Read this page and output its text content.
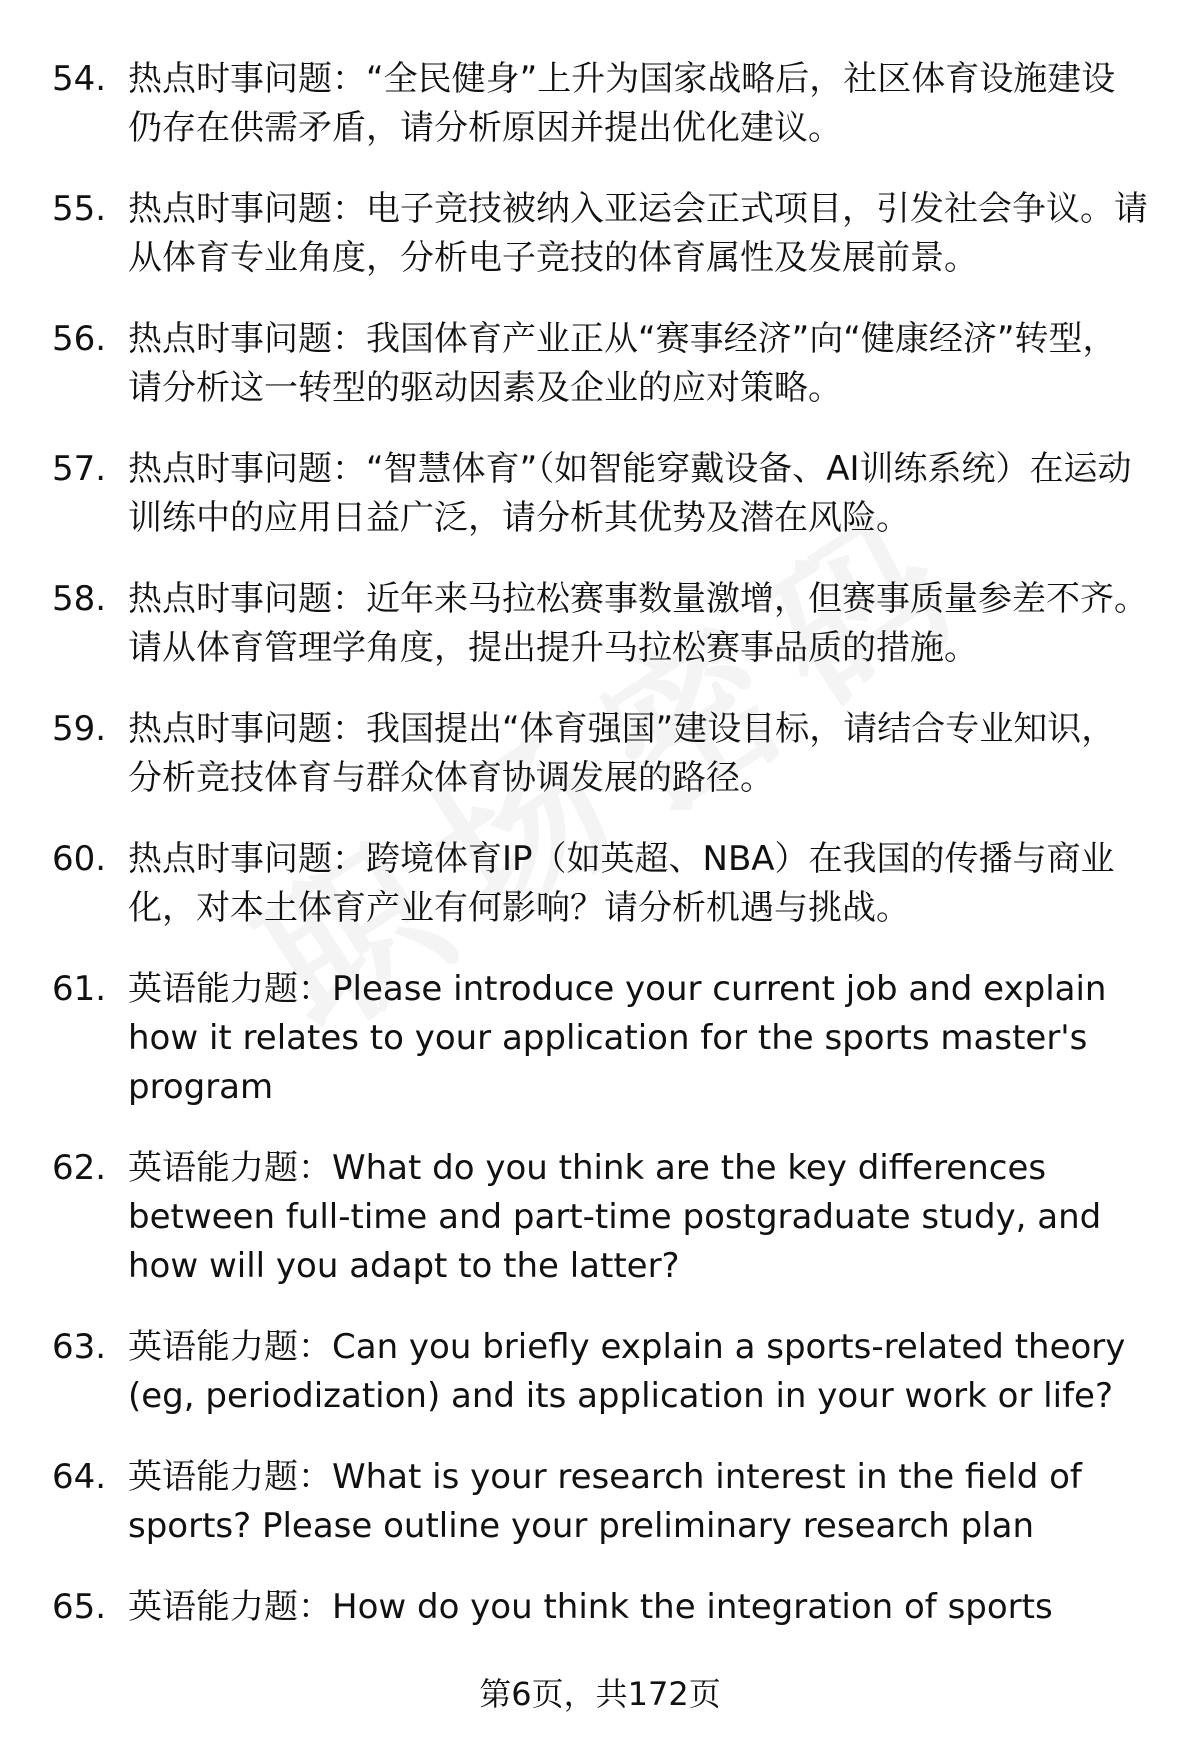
54. 热点时事问题：“全民健身”上升为国家战略后，社区体育设施建设仍存在供需矛盾，请分析原因并提出优化建议。
55. 热点时事问题：电子竞技被纳入亚运会正式项目，引发社会争议。请从体育专业角度，分析电子竞技的体育属性及发展前景。
56. 热点时事问题：我国体育产业正从“赛事经济”向“健康经济”转型，请分析这一转型的驱动因素及企业的应对策略。
57. 热点时事问题：“智慧体育”（如智能穿戴设备、AI训练系统）在运动训练中的应用日益广泛，请分析其优势及潜在风险。
58. 热点时事问题：近年来马拉松赛事数量激增，但赛事质量参差不齐。请从体育管理学角度，提出提升马拉松赛事品质的措施。
59. 热点时事问题：我国提出“体育强国”建设目标，请结合专业知识，分析竞技体育与群众体育协调发展的路径。
60. 热点时事问题：跨境体育IP（如英超、NBA）在我国的传播与商业化，对本土体育产业有何影响？请分析机遇与挑战。
61. 英语能力题：Please introduce your current job and explain how it relates to your application for the sports master's program
62. 英语能力题：What do you think are the key differences between full-time and part-time postgraduate study, and how will you adapt to the latter?
63. 英语能力题：Can you briefly explain a sports-related theory (eg, periodization) and its application in your work or life?
64. 英语能力题：What is your research interest in the field of sports? Please outline your preliminary research plan
65. 英语能力题：How do you think the integration of sports
第6页，共172页
